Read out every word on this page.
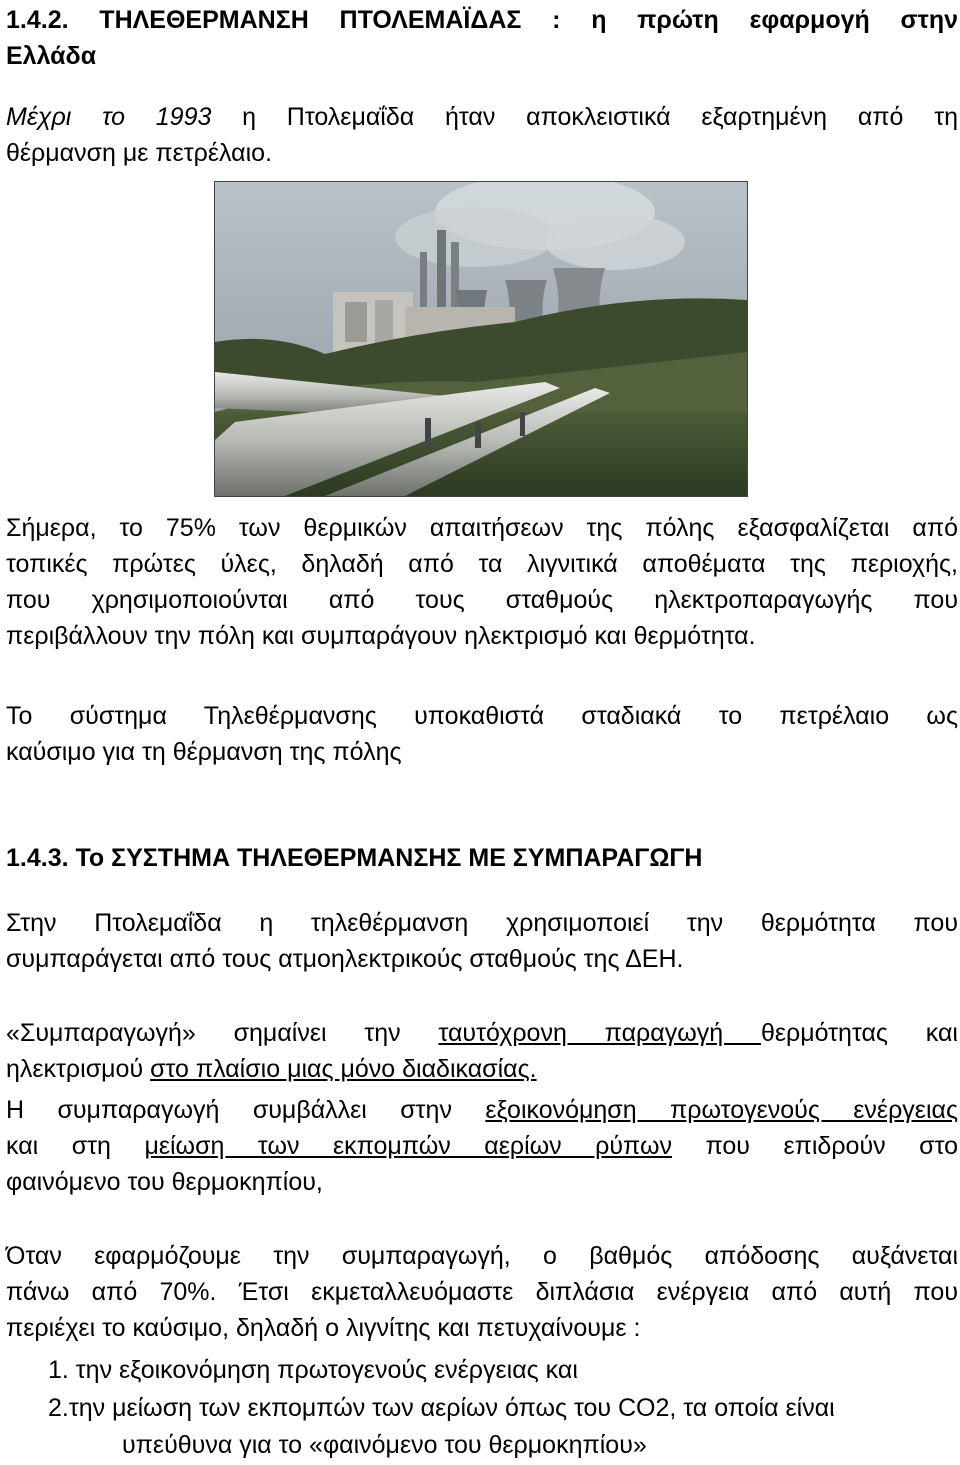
1.4.2. ΤΗΛΕΘΕΡΜΑΝΣΗ ΠΤΟΛΕΜΑΪΔΑΣ : η πρώτη εφαρμογή στην
Ελλάδα
Μέχρι το 1993 η Πτολεμαΐδα ήταν αποκλειστικά εξαρτημένη από τη
θέρμανση με πετρέλαιο.
Σήμερα, το 75% των θερμικών απαιτήσεων της πόλης εξασφαλίζεται από
τοπικές πρώτες ύλες, δηλαδή από τα λιγνιτικά αποθέματα της περιοχής,
που χρησιμοποιούνται από τους σταθμούς ηλεκτροπαραγωγής που
περιβάλλουν την πόλη και συμπαράγουν ηλεκτρισμό και θερμότητα.
Το σύστημα Τηλεθέρμανσης υποκαθιστά σταδιακά το πετρέλαιο ως
καύσιμο για τη θέρμανση της πόλης
1.4.3. Το ΣΥΣΤΗΜΑ ΤΗΛΕΘΕΡΜΑΝΣΗΣ ΜΕ ΣΥΜΠΑΡΑΓΩΓΗ
Στην Πτολεμαΐδα η τηλεθέρμανση χρησιμοποιεί την θερμότητα που
συμπαράγεται από τους ατμοηλεκτρικούς σταθμούς της ΔΕΗ.
«Συμπαραγωγή» σημαίνει την ταυτόχρονη παραγωγή θερμότητας και
ηλεκτρισμού στο πλαίσιο μιας μόνο διαδικασίας.
Η συμπαραγωγή συμβάλλει στην εξοικονόμηση πρωτογενούς ενέργειας
και στη μείωση των εκπομπών αερίων ρύπων που επιδρούν στο
φαινόμενο του θερμοκηπίου,
Όταν εφαρμόζουμε την συμπαραγωγή, ο βαθμός απόδοσης αυξάνεται
πάνω από 70%. Έτσι εκμεταλλευόμαστε διπλάσια ενέργεια από αυτή που
περιέχει το καύσιμο, δηλαδή ο λιγνίτης και πετυχαίνουμε :
1. την εξοικονόμηση πρωτογενούς ενέργειας και
2.την μείωση των εκπομπών των αερίων όπως του CO2, τα οποία είναι
υπεύθυνα για το «φαινόμενο του θερμοκηπίου»
